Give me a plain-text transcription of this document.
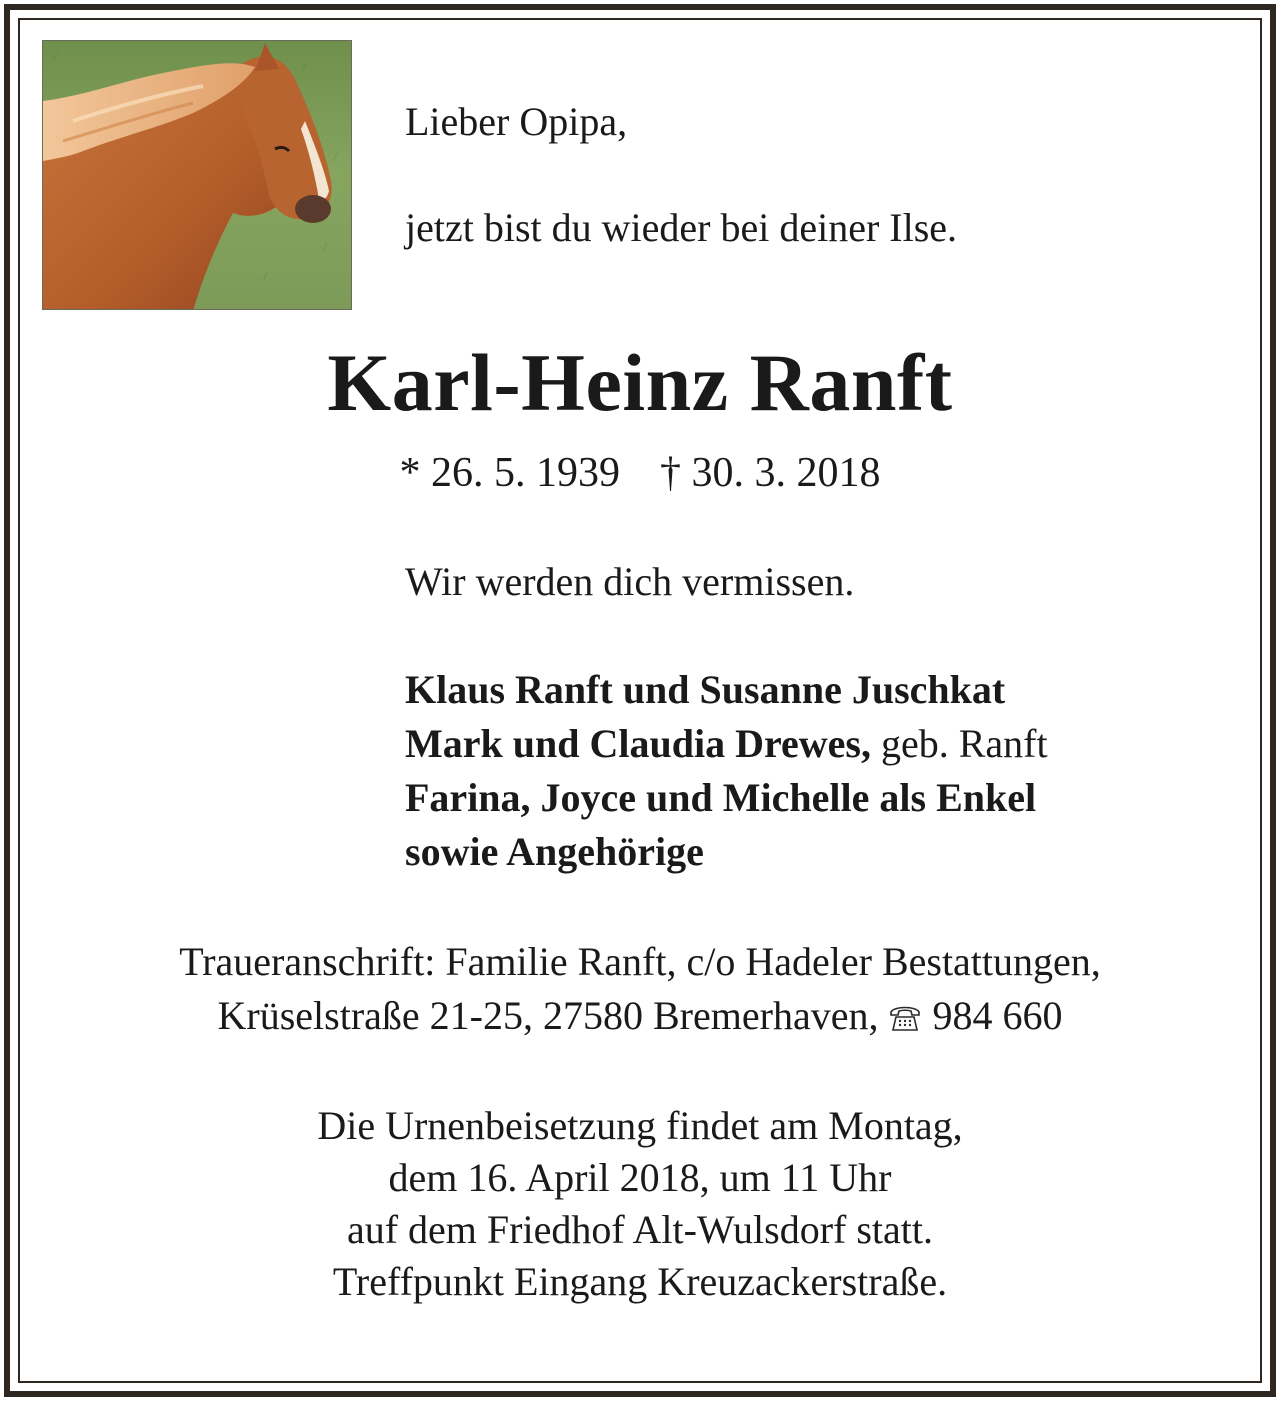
Lieber Opipa,

jetzt bist du wieder bei deiner Ilse.

Karl-Heinz Ranft

* 26. 5. 1939 † 30. 3. 2018

Wir werden dich vermissen.

Klaus Ranft und Susanne Juschkat
Mark und Claudia Drewes, geb. Ranft
Farina, Joyce und Michelle als Enkel
sowie Angehörige
Traueranschrift: Familie Ranft, c/o Hadeler Bestattungen,
Krüselstraße 21-25, 27580 Bremerhaven, 984 660
Die Urnenbeisetzung findet am Montag,
dem 16. April 2018, um 11 Uhr
auf dem Friedhof Alt-Wulsdorf statt.
Treffpunkt Eingang Kreuzackerstraße.
